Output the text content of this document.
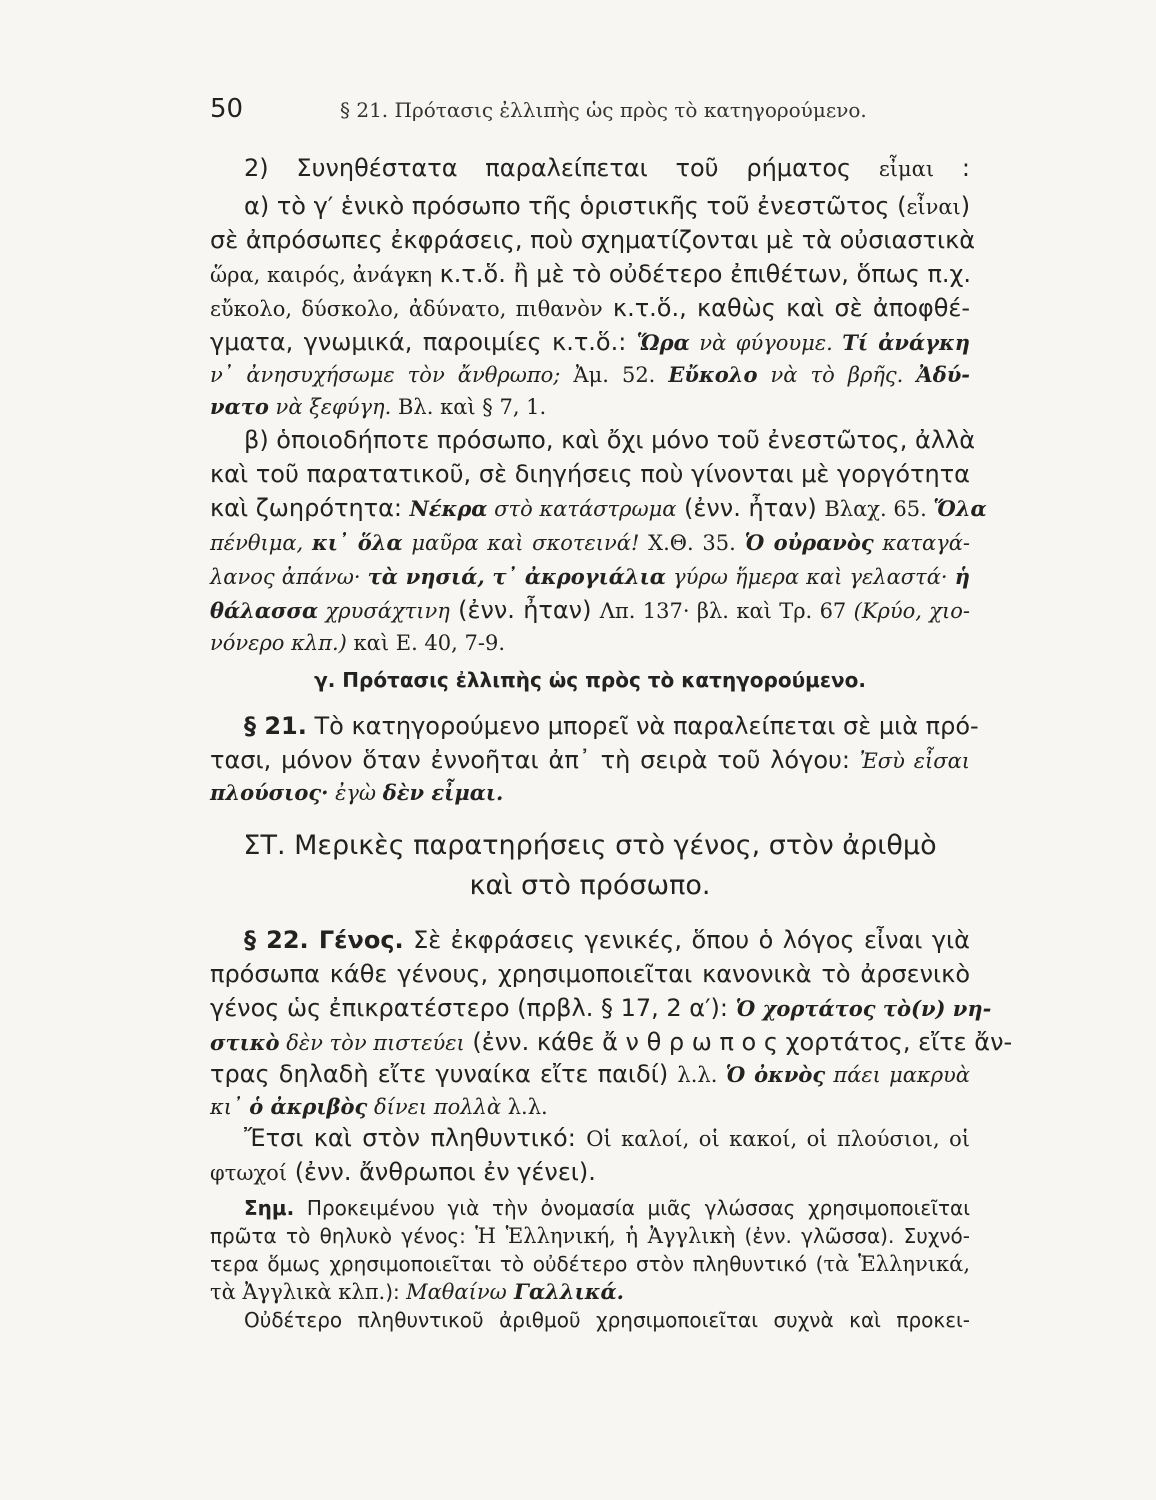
50	§ 21. Πρότασις ἐλλιπὴς ὡς πρὸς τὸ κατηγορούμενο.
2) Συνηθέστατα παραλείπεται τοῦ ρήματος εἶμαι :
α) τὸ γ′ ἑνικὸ πρόσωπο τῆς ὁριστικῆς τοῦ ἐνεστῶτος (εἶναι)
σὲ ἀπρόσωπες ἐκφράσεις, ποὺ σχηματίζονται μὲ τὰ οὐσιαστικὰ
ὥρα, καιρός, ἀνάγκη κ.τ.ὅ. ἢ μὲ τὸ οὐδέτερο ἐπιθέτων, ὅπως π.χ.
εὔκολο, δύσκολο, ἀδύνατο, πιθανὸν κ.τ.ὅ., καθὼς καὶ σὲ ἀποφθέ-
γματα, γνωμικά, παροιμίες κ.τ.ὅ.: Ὥρα νὰ φύγουμε. Τί ἀνάγκη
ν᾽ ἀνησυχήσωμε τὸν ἄνθρωπο; Ἀμ. 52. Εὔκολο νὰ τὸ βρῆς. Ἀδύ-
νατο νὰ ξεφύγη. Βλ. καὶ § 7, 1.
β) ὁποιοδήποτε πρόσωπο, καὶ ὄχι μόνο τοῦ ἐνεστῶτος, ἀλλὰ
καὶ τοῦ παρατατικοῦ, σὲ διηγήσεις ποὺ γίνονται μὲ γοργότητα
καὶ ζωηρότητα: Νέκρα στὸ κατάστρωμα (ἐνν. ἦταν) Βλαχ. 65. Ὅλα
πένθιμα, κι᾽ ὅλα μαῦρα καὶ σκοτεινά! Χ.Θ. 35. Ὁ οὐρανὸς καταγά-
λανος ἀπάνω· τὰ νησιά, τ᾽ ἀκρογιάλια γύρω ἥμερα καὶ γελαστά· ἡ
θάλασσα χρυσάχτινη (ἐνν. ἦταν) Λπ. 137· βλ. καὶ Τρ. 67 (Κρύο, χιο-
νόνερο κλπ.) καὶ Ε. 40, 7-9.
γ. Πρότασις ἐλλιπὴς ὡς πρὸς τὸ κατηγορούμενο.
§ 21. Τὸ κατηγορούμενο μπορεῖ νὰ παραλείπεται σὲ μιὰ πρό-
τασι, μόνον ὅταν ἐννοῆται ἀπ᾽ τὴ σειρὰ τοῦ λόγου: Ἐσὺ εἶσαι
πλούσιος· ἐγὼ δὲν εἶμαι.
ΣΤ. Μερικὲς παρατηρήσεις στὸ γένος, στὸν ἀριθμὸ
καὶ στὸ πρόσωπο.
§ 22. Γένος. Σὲ ἐκφράσεις γενικές, ὅπου ὁ λόγος εἶναι γιὰ
πρόσωπα κάθε γένους, χρησιμοποιεῖται κανονικὰ τὸ ἀρσενικὸ
γένος ὡς ἐπικρατέστερο (πρβλ. § 17, 2 α′): Ὁ χορτάτος τὸ(ν) νη-
στικὸ δὲν τὸν πιστεύει (ἐνν. κάθε ἄ ν θ ρ ω π ο ς χορτάτος, εἴτε ἄν-
τρας δηλαδὴ εἴτε γυναίκα εἴτε παιδί) λ.λ. Ὁ ὀκνὸς πάει μακρυὰ
κι᾽ ὁ ἀκριβὸς δίνει πολλὰ λ.λ.
Ἔτσι καὶ στὸν πληθυντικό: Οἱ καλοί, οἱ κακοί, οἱ πλούσιοι, οἱ
φτωχοί (ἐνν. ἄνθρωποι ἐν γένει).
Σημ. Προκειμένου γιὰ τὴν ὀνομασία μιᾶς γλώσσας χρησιμοποιεῖται
πρῶτα τὸ θηλυκὸ γένος: Ἡ Ἑλληνική, ἡ Ἀγγλικὴ (ἐνν. γλῶσσα). Συχνό-
τερα ὅμως χρησιμοποιεῖται τὸ οὐδέτερο στὸν πληθυντικό (τὰ Ἑλληνικά,
τὰ Ἀγγλικὰ κλπ.): Μαθαίνω Γαλλικά.
Οὐδέτερο πληθυντικοῦ ἀριθμοῦ χρησιμοποιεῖται συχνὰ καὶ προκει-
